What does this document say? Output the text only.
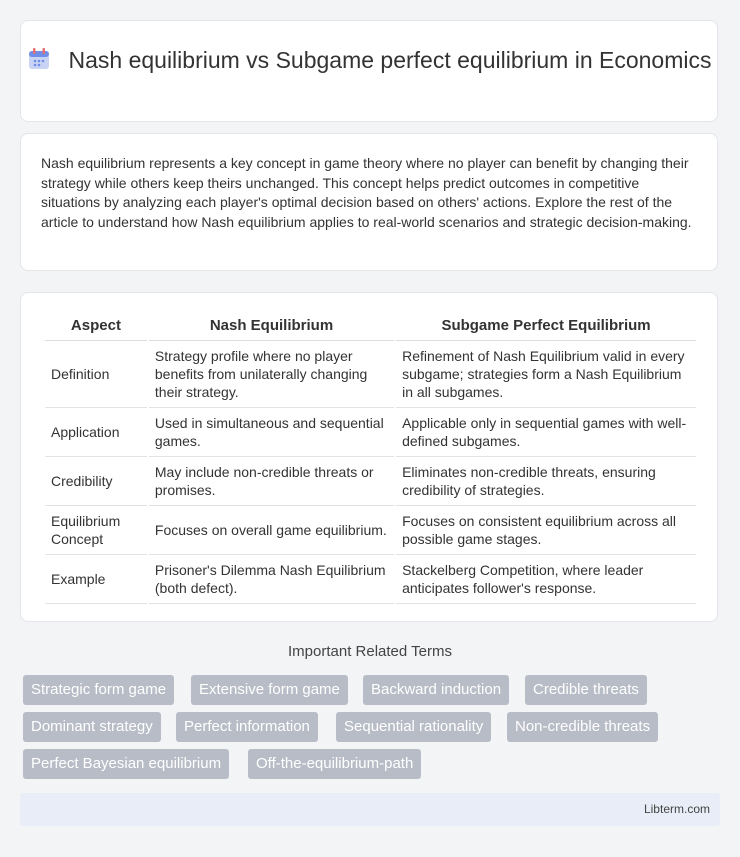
Nash equilibrium vs Subgame perfect equilibrium in Economics

Nash equilibrium represents a key concept in game theory where no player can benefit by changing their strategy while others keep theirs unchanged. This concept helps predict outcomes in competitive situations by analyzing each player's optimal decision based on others' actions. Explore the rest of the article to understand how Nash equilibrium applies to real-world scenarios and strategic decision-making.

Aspect	Nash Equilibrium	Subgame Perfect Equilibrium
Definition	Strategy profile where no player benefits from unilaterally changing their strategy.	Refinement of Nash Equilibrium valid in every subgame; strategies form a Nash Equilibrium in all subgames.
Application	Used in simultaneous and sequential games.	Applicable only in sequential games with well-defined subgames.
Credibility	May include non-credible threats or promises.	Eliminates non-credible threats, ensuring credibility of strategies.
Equilibrium Concept	Focuses on overall game equilibrium.	Focuses on consistent equilibrium across all possible game stages.
Example	Prisoner's Dilemma Nash Equilibrium (both defect).	Stackelberg Competition, where leader anticipates follower's response.
Important Related Terms
Strategic form game	Extensive form game	Backward induction	Credible threats
Dominant strategy	Perfect information	Sequential rationality	Non-credible threats
Perfect Bayesian equilibrium	Off-the-equilibrium-path
Libterm.com
